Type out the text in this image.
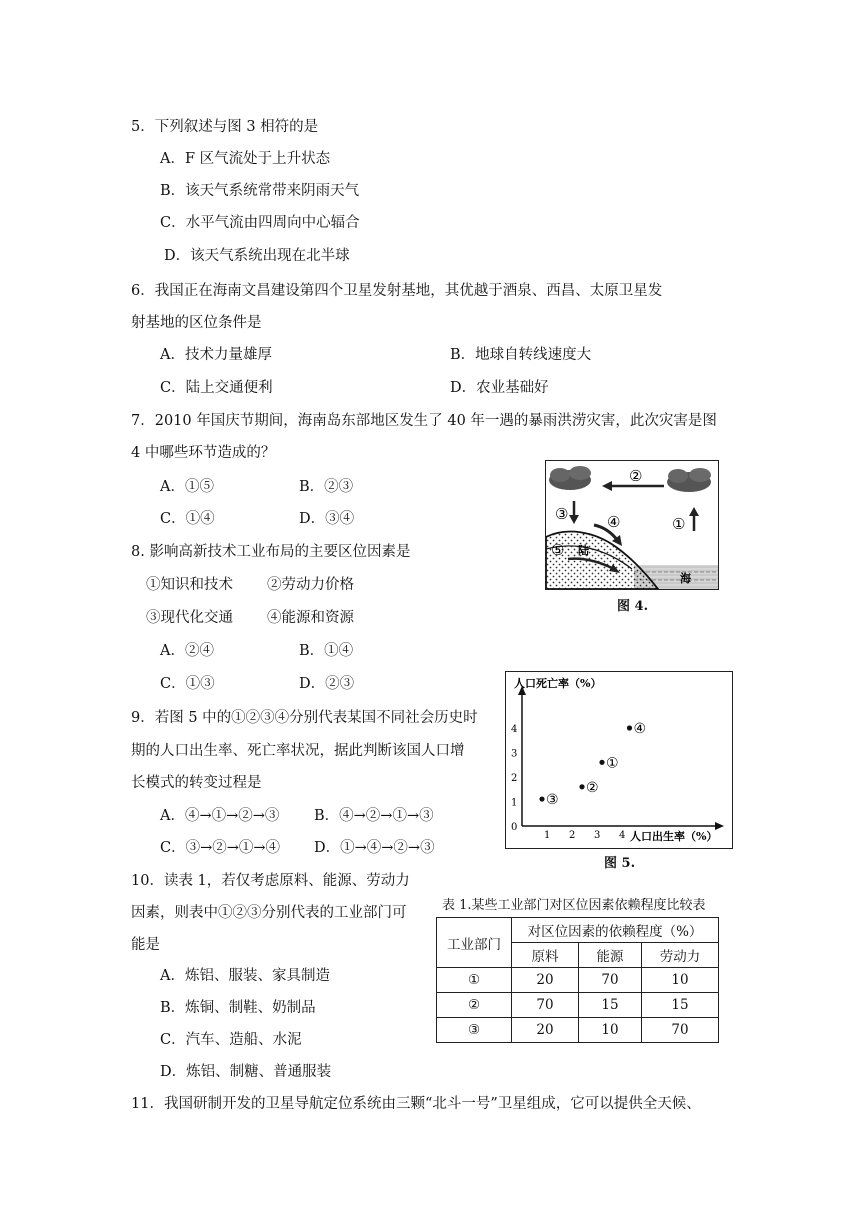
5．下列叙述与图 3 相符的是
A．F 区气流处于上升状态
B．该天气系统常带来阴雨天气
C．水平气流由四周向中心辐合
D．该天气系统出现在北半球
6．我国正在海南文昌建设第四个卫星发射基地，其优越于酒泉、西昌、太原卫星发
射基地的区位条件是
A．技术力量雄厚	B．地球自转线速度大
C．陆上交通便利	D．农业基础好
7．2010 年国庆节期间，海南岛东部地区发生了 40 年一遇的暴雨洪涝灾害，此次灾害是图
4 中哪些环节造成的？
A．①⑤	B．②③
C．①④	D．③④
②
①
③
海
④
⑤ 陆
图 4.
8. 影响高新技术工业布局的主要区位因素是
①知识和技术 ②劳动力价格
③现代化交通 ④能源和资源
A．②④	B．①④
C．①③	D．②③	人口死亡率（%）
人口出生率（%）
0
1 2 3 4
1
2
3
4
①
②
③
④
图 5.
9．若图 5 中的①②③④分别代表某国不同社会历史时
期的人口出生率、死亡率状况，据此判断该国人口增
长模式的转变过程是
A．④→①→②→③ B．④→②→①→③
C．③→②→①→④ D．①→④→②→③
10．读表 1，若仅考虑原料、能源、劳动力
因素，则表中①②③分别代表的工业部门可
能是
A．炼铝、服装、家具制造
B．炼铜、制鞋、奶制品
C．汽车、造船、水泥
D．炼铝、制糖、普通服装
表 1.某些工业部门对区位因素依赖程度比较表
工业部门	对区位因素的依赖程度（%）		
	原料	能源	劳动力
①	20	70	10
②	70	15	15
③	20	10	70
11．我国研制开发的卫星导航定位系统由三颗“北斗一号”卫星组成，它可以提供全天候、
